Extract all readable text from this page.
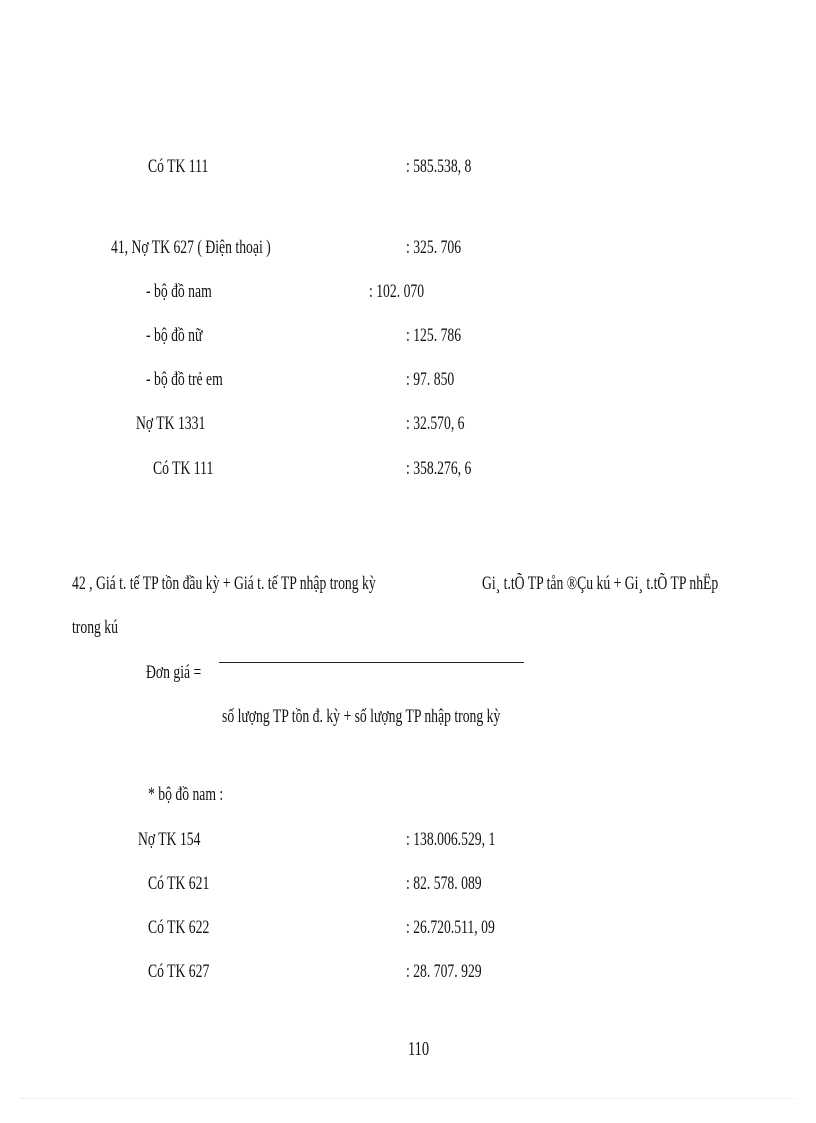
Có TK 111	: 585.538, 8
41, Nợ TK 627 ( Điện thoại )	: 325. 706
- bộ đồ nam	: 102. 070
- bộ đồ nữ	: 125. 786
- bộ đồ trẻ em	: 97. 850
Nợ TK 1331	: 32.570, 6
Có TK 111	: 358.276, 6
42 , Giá t. tế TP tồn đầu kỳ + Giá t. tế TP nhập trong kỳ	Gi¸ t.tÕ TP tån ®Çu kú + Gi¸ t.tÕ TP nhËp
trong kú
Đơn giá =
số lượng TP tồn đ. kỳ + số lượng TP nhập trong kỳ
* bộ đồ nam :
Nợ TK 154	: 138.006.529, 1
Có TK 621	: 82. 578. 089
Có TK 622	: 26.720.511, 09
Có TK 627	: 28. 707. 929
110
